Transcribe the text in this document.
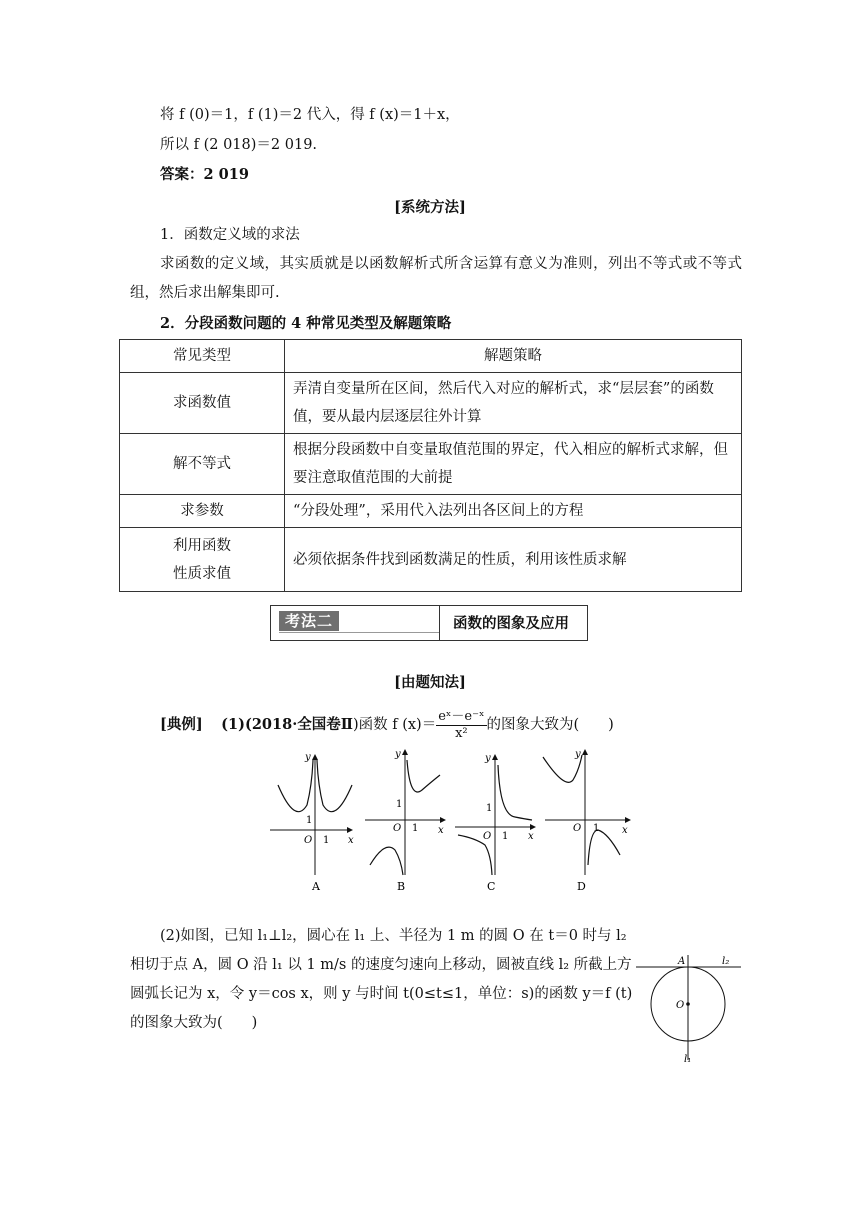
将 f (0)＝1，f (1)＝2 代入，得 f (x)＝1＋x，
所以 f (2 018)＝2 019.
答案：2 019
[系统方法]
1．函数定义域的求法
求函数的定义域，其实质就是以函数解析式所含运算有意义为准则，列出不等式或不等式组，然后求出解集即可.
2．分段函数问题的 4 种常见类型及解题策略
常见类型	解题策略
求函数值	弄清自变量所在区间，然后代入对应的解析式，求“层层套”的函数值，要从最内层逐层往外计算
解不等式	根据分段函数中自变量取值范围的界定，代入相应的解析式求解，但要注意取值范围的大前提
求参数	“分段处理”，采用代入法列出各区间上的方程

利用函数性质求值	必须依据条件找到函数满足的性质，利用该性质求解
考法二	函数的图象及应用
[由题知法]
[典例] (1)(2018·全国卷Ⅱ)函数 f $(x)= \frac{\text{eˣ－e⁻ˣ}}{\text{x²}}$ 的图象大致为(　　)
y
x
O 1
1
A
y
x
O 1
1
B
y
x
O 1
1
C
y
x
O 1
D
(2)如图，已知 l₁⊥l₂，圆心在 l₁ 上、半径为 1 m 的圆 O 在 t＝0 时与 l₂
相切于点 A，圆 O 沿 l₁ 以 1 m/s 的速度匀速向上移动，圆被直线 l₂ 所截上方
圆弧长记为 x，令 y＝cos x，则 y 与时间 t(0≤t≤1，单位：s)的函数 y＝f (t)
的图象大致为(　　)
A	l₂
O
l₁
